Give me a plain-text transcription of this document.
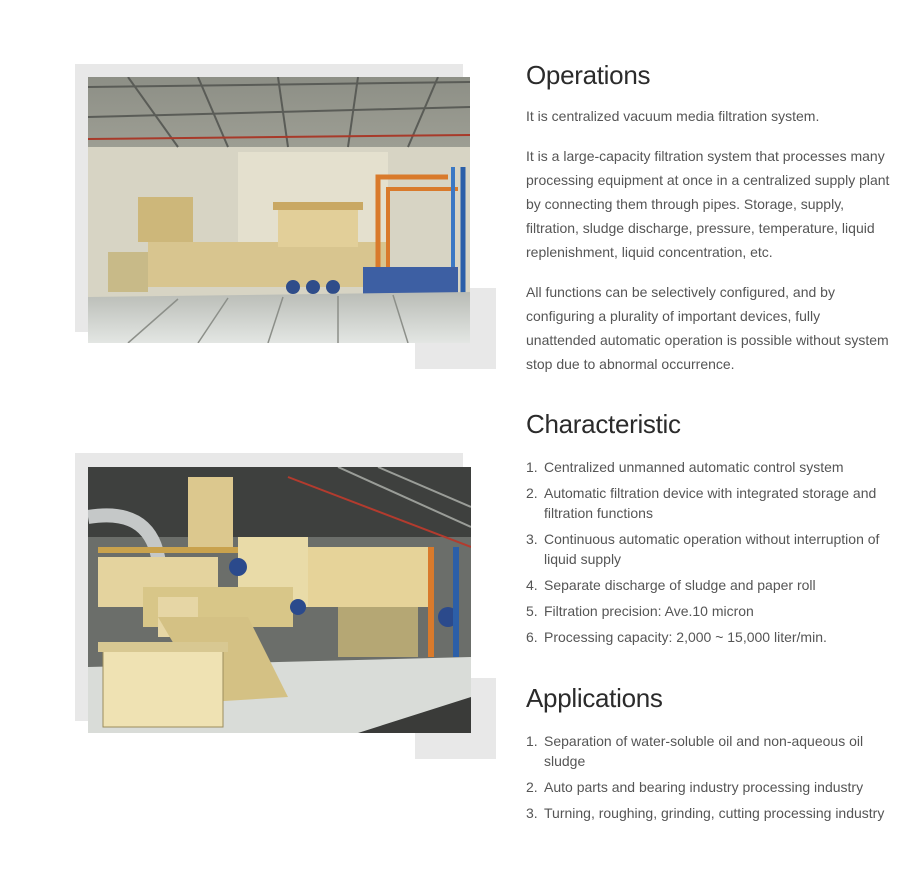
Operations

It is centralized vacuum media filtration system.

It is a large-capacity filtration system that processes many processing equipment at once in a centralized supply plant by connecting them through pipes. Storage, supply, filtration, sludge discharge, pressure, temperature, liquid replenishment, liquid concentration, etc.

All functions can be selectively configured, and by configuring a plurality of important devices, fully unattended automatic operation is possible without system stop due to abnormal occurrence.

Characteristic
1. Centralized unmanned automatic control system
2. Automatic filtration device with integrated storage and filtration functions
3. Continuous automatic operation without interruption of liquid supply
4. Separate discharge of sludge and paper roll
5. Filtration precision: Ave.10 micron
6. Processing capacity: 2,000 ~ 15,000 liter/min.
Applications
1. Separation of water-soluble oil and non-aqueous oil sludge
2. Auto parts and bearing industry processing industry
3. Turning, roughing, grinding, cutting processing industry
